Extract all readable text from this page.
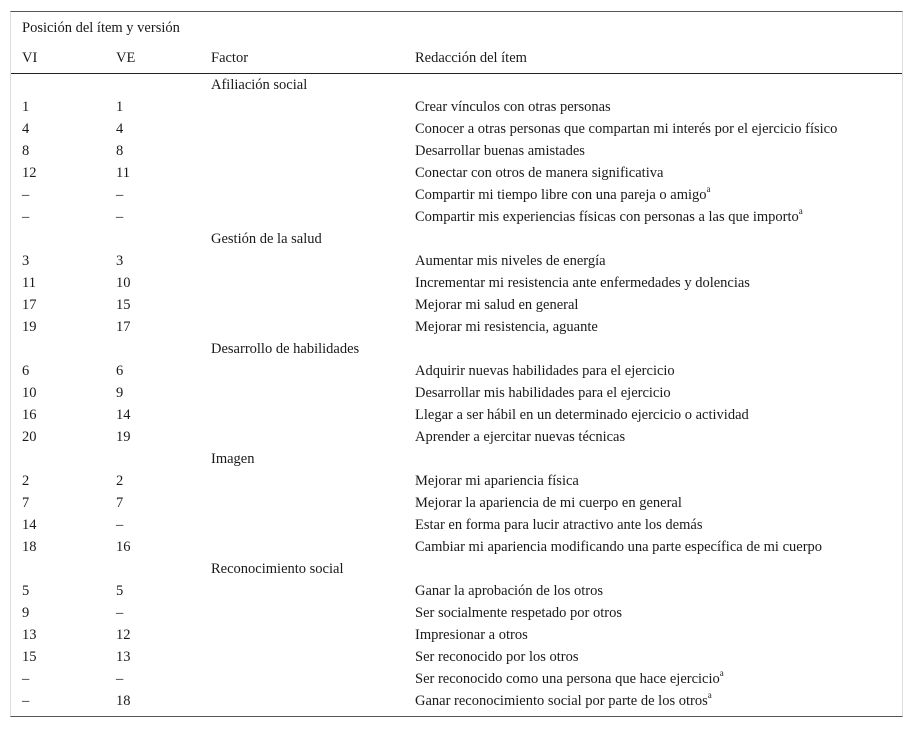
Posición del ítem y versión
VI	VE	Factor	Redacción del ítem
Afiliación social
1	1	Crear vínculos con otras personas
4	4	Conocer a otras personas que compartan mi interés por el ejercicio físico
8	8	Desarrollar buenas amistades
12	11	Conectar con otros de manera significativa
–	–	Compartir mi tiempo libre con una pareja o amigo$^a$
–	–	Compartir mis experiencias físicas con personas a las que importo$^a$
Gestión de la salud
3	3	Aumentar mis niveles de energía
11	10	Incrementar mi resistencia ante enfermedades y dolencias
17	15	Mejorar mi salud en general
19	17	Mejorar mi resistencia, aguante
Desarrollo de habilidades
6	6	Adquirir nuevas habilidades para el ejercicio
10	9	Desarrollar mis habilidades para el ejercicio
16	14	Llegar a ser hábil en un determinado ejercicio o actividad
20	19	Aprender a ejercitar nuevas técnicas
Imagen
2	2	Mejorar mi apariencia física
7	7	Mejorar la apariencia de mi cuerpo en general
14	–	Estar en forma para lucir atractivo ante los demás
18	16	Cambiar mi apariencia modificando una parte específica de mi cuerpo
Reconocimiento social
5	5	Ganar la aprobación de los otros
9	–	Ser socialmente respetado por otros
13	12	Impresionar a otros
15	13	Ser reconocido por los otros
–	–	Ser reconocido como una persona que hace ejercicio$^a$
–	18	Ganar reconocimiento social por parte de los otros$^a$
